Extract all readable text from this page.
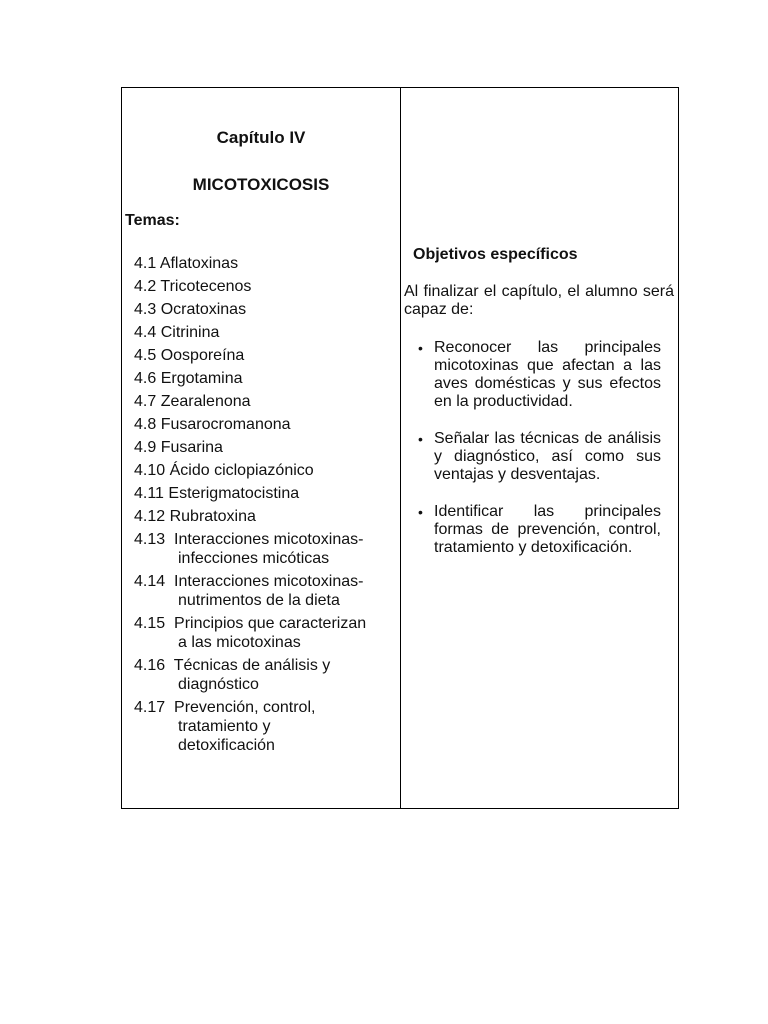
Capítulo IV
MICOTOXICOSIS
Temas:
4.1 Aflatoxinas
4.2 Tricotecenos
4.3 Ocratoxinas
4.4 Citrinina
4.5 Oosporeína
4.6 Ergotamina
4.7 Zearalenona
4.8 Fusarocromanona
4.9 Fusarina
4.10 Ácido ciclopiazónico
4.11 Esterigmatocistina
4.12 Rubratoxina
4.13 Interacciones micotoxinas-
infecciones micóticas
4.14 Interacciones micotoxinas-
nutrimentos de la dieta
4.15 Principios que caracterizan
a las micotoxinas
4.16 Técnicas de análisis y
diagnóstico
4.17 Prevención, control,
tratamiento y
detoxificación
Objetivos específicos
Al finalizar el capítulo, el alumno será capaz de:
• Reconocer las principales micotoxinas que afectan a las aves domésticas y sus efectos en la productividad.
• Señalar las técnicas de análisis y diagnóstico, así como sus ventajas y desventajas.
• Identificar las principales formas de prevención, control, tratamiento y detoxificación.
